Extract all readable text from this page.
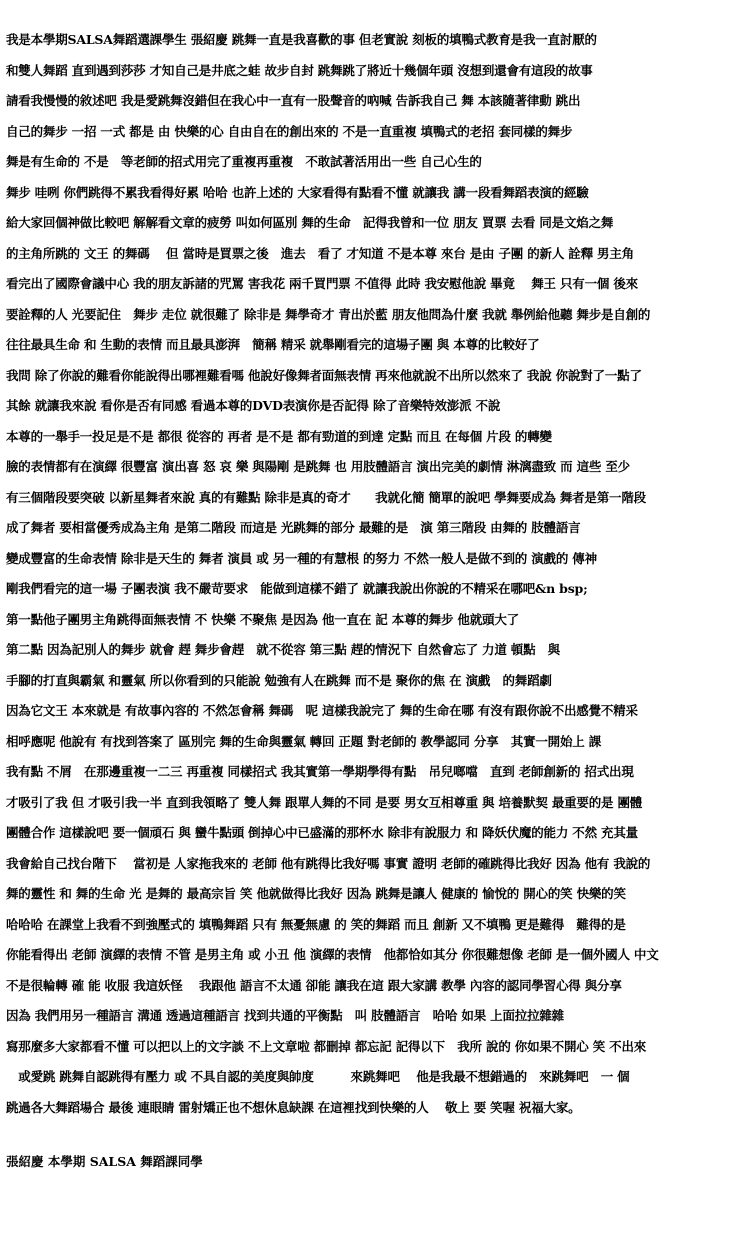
我是本學期SALSA舞蹈選課學生 張紹慶 跳舞一直是我喜歡的事 但老實說 刻板的填鴨式教育是我一直討厭的
和雙人舞蹈 直到遇到莎莎 才知自己是井底之蛙 故步自封 跳舞跳了將近十幾個年頭 沒想到還會有這段的故事
請看我慢慢的敘述吧 我是愛跳舞沒錯但在我心中一直有一股聲音的吶喊 告訴我自己 舞 本該隨著律動 跳出
自己的舞步 一招 一式 都是 由 快樂的心 自由自在的創出來的 不是一直重複 填鴨式的老招 套同樣的舞步
舞是有生命的 不是　等老師的招式用完了重複再重複　不敢試著活用出一些 自己心生的
舞步 哇咧 你們跳得不累我看得好累 哈哈 也許上述的 大家看得有點看不懂 就讓我 講一段看舞蹈表演的經驗
給大家回個神做比較吧 解解看文章的疲勞 叫如何區別 舞的生命　記得我曾和一位 朋友 買票 去看 同是文焰之舞
的主角所跳的 文王 的舞碼　 但 當時是買票之後　進去　看了 才知道 不是本尊 來台 是由 子團 的新人 詮釋 男主角
看完出了國際會議中心 我的朋友訴諸的咒罵 害我花 兩千買門票 不值得 此時 我安慰他說 畢竟　 舞王 只有一個 後來
要詮釋的人 光要記住　舞步 走位 就很難了 除非是 舞學奇才 青出於藍 朋友他問為什麼 我就 舉例給他聽 舞步是自創的
往往最具生命 和 生動的表情 而且最具澎湃　簡稱 精采 就舉剛看完的這場子團 與 本尊的比較好了
我問 除了你說的難看你能說得出哪裡難看嗎 他說好像舞者面無表情 再來他就說不出所以然來了 我說 你說對了一點了
其餘 就讓我來說 看你是否有同感 看過本尊的DVD表演你是否記得 除了音樂特效澎派 不說
本尊的一舉手一投足是不是 都很 從容的 再者 是不是 都有勁道的到達 定點 而且 在每個 片段 的轉變
臉的表情都有在演繹 很豐富 演出喜 怒 哀 樂 與陽剛 是跳舞 也 用肢體語言 演出完美的劇情 淋漓盡致 而 這些 至少
有三個階段要突破 以新星舞者來說 真的有難點 除非是真的奇才　　我就化簡 簡單的說吧 學舞要成為 舞者是第一階段
成了舞者 要相當優秀成為主角 是第二階段 而這是 光跳舞的部分 最難的是　演 第三階段 由舞的 肢體語言
變成豐富的生命表情 除非是天生的 舞者 演員 或 另一種的有慧根 的努力 不然一般人是做不到的 演戲的 傳神
剛我們看完的這一場 子團表演 我不嚴苛要求　能做到這樣不錯了 就讓我說出你說的不精采在哪吧&n bsp;
第一點他子團男主角跳得面無表情 不 快樂 不聚焦 是因為 他一直在 記 本尊的舞步 他就頭大了
第二點 因為記別人的舞步 就會 趕 舞步會趕　就不從容 第三點 趕的情況下 自然會忘了 力道 頓點　與
手腳的打直與霸氣 和靈氣 所以你看到的只能說 勉強有人在跳舞 而不是 聚你的焦 在 演戲　的舞蹈劇
因為它文王 本來就是 有故事內容的 不然怎會稱 舞碼　呢 這樣我說完了 舞的生命在哪 有沒有跟你說不出感覺不精采
相呼應呢 他說有 有找到答案了 區別完 舞的生命與靈氣 轉回 正題 對老師的 教學認同 分享　其實一開始上 課
我有點 不屑　在那邊重複一二三 再重複 同樣招式 我其實第一學期學得有點　吊兒啷噹　直到 老師創新的 招式出現
才吸引了我 但 才吸引我一半 直到我領略了 雙人舞 跟單人舞的不同 是要 男女互相尊重 與 培養默契 最重要的是 團體
團體合作 這樣說吧 要一個頑石 與 蠻牛點頭 倒掉心中已盛滿的那杯水 除非有說服力 和 降妖伏魔的能力 不然 充其量
我會給自己找台階下　 當初是 人家拖我來的 老師 他有跳得比我好嗎 事實 證明 老師的確跳得比我好 因為 他有 我說的
舞的靈性 和 舞的生命 光 是舞的 最高宗旨 笑 他就做得比我好 因為 跳舞是讓人 健康的 愉悅的 開心的笑 快樂的笑
哈哈哈 在課堂上我看不到強壓式的 填鴨舞蹈 只有 無憂無慮 的 笑的舞蹈 而且 創新 又不填鴨 更是難得　難得的是
你能看得出 老師 演繹的表情 不管 是男主角 或 小丑 他 演繹的表情　他都恰如其分 你很難想像 老師 是一個外國人 中文
不是很輪轉 確 能 收服 我這妖怪　 我跟他 語言不太通 卻能 讓我在這 跟大家講 教學 內容的認同學習心得 與分享
因為 我們用另一種語言 溝通 透過這種語言 找到共通的平衡點　叫 肢體語言　哈哈 如果 上面拉拉雜雜
寫那麼多大家都看不懂 可以把以上的文字談 不上文章啦 都刪掉 都忘記 記得以下　我所 說的 你如果不開心 笑 不出來
　或愛跳 跳舞自認跳得有壓力 或 不具自認的美度與帥度　　　來跳舞吧　 他是我最不想錯過的　來跳舞吧　一 個
跳過各大舞蹈場合 最後 連眼睛 雷射矯正也不想休息缺課 在這裡找到快樂的人　 敬上 要 笑喔 祝福大家。
張紹慶 本學期 SALSA 舞蹈課同學
